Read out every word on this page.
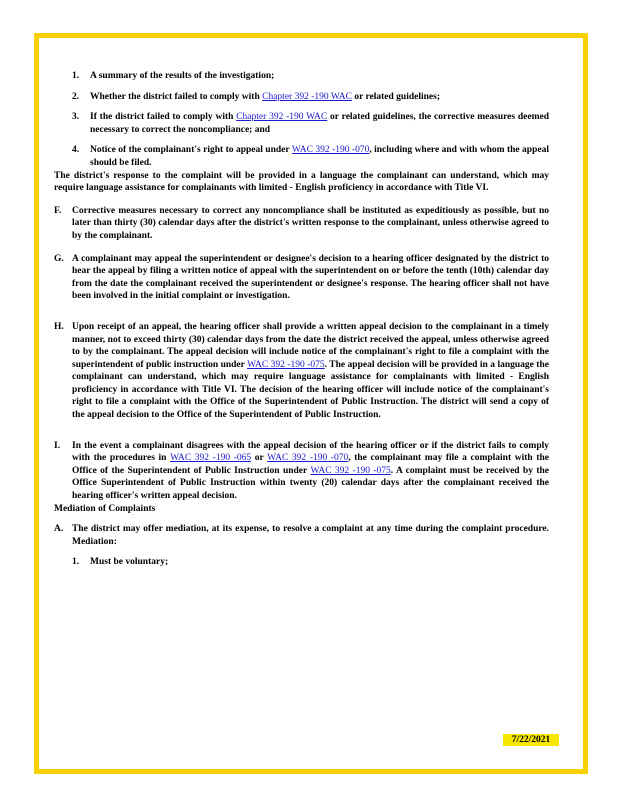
1. A summary of the results of the investigation;

2. Whether the district failed to comply with Chapter 392 -190 WAC or related guidelines;

3. If the district failed to comply with Chapter 392 -190 WAC or related guidelines, the corrective measures deemed necessary to correct the noncompliance; and

4. Notice of the complainant's right to appeal under WAC 392 -190 -070, including where and with whom the appeal should be filed.

The district's response to the complaint will be provided in a language the complainant can understand, which may require language assistance for complainants with limited - English proficiency in accordance with Title VI.

F. Corrective measures necessary to correct any noncompliance shall be instituted as expeditiously as possible, but no later than thirty (30) calendar days after the district's written response to the complainant, unless otherwise agreed to by the complainant.

G. A complainant may appeal the superintendent or designee's decision to a hearing officer designated by the district to hear the appeal by filing a written notice of appeal with the superintendent on or before the tenth (10th) calendar day from the date the complainant received the superintendent or designee's response. The hearing officer shall not have been involved in the initial complaint or investigation.

H. Upon receipt of an appeal, the hearing officer shall provide a written appeal decision to the complainant in a timely manner, not to exceed thirty (30) calendar days from the date the district received the appeal, unless otherwise agreed to by the complainant. The appeal decision will include notice of the complainant's right to file a complaint with the superintendent of public instruction under WAC 392 -190 -075. The appeal decision will be provided in a language the complainant can understand, which may require language assistance for complainants with limited - English proficiency in accordance with Title VI. The decision of the hearing officer will include notice of the complainant's right to file a complaint with the Office of the Superintendent of Public Instruction. The district will send a copy of the appeal decision to the Office of the Superintendent of Public Instruction.

I. In the event a complainant disagrees with the appeal decision of the hearing officer or if the district fails to comply with the procedures in WAC 392 -190 -065 or WAC 392 -190 -070, the complainant may file a complaint with the Office of the Superintendent of Public Instruction under WAC 392 -190 -075. A complaint must be received by the Office Superintendent of Public Instruction within twenty (20) calendar days after the complainant received the hearing officer's written appeal decision.

Mediation of Complaints

A. The district may offer mediation, at its expense, to resolve a complaint at any time during the complaint procedure. Mediation:

1. Must be voluntary;

7/22/2021
